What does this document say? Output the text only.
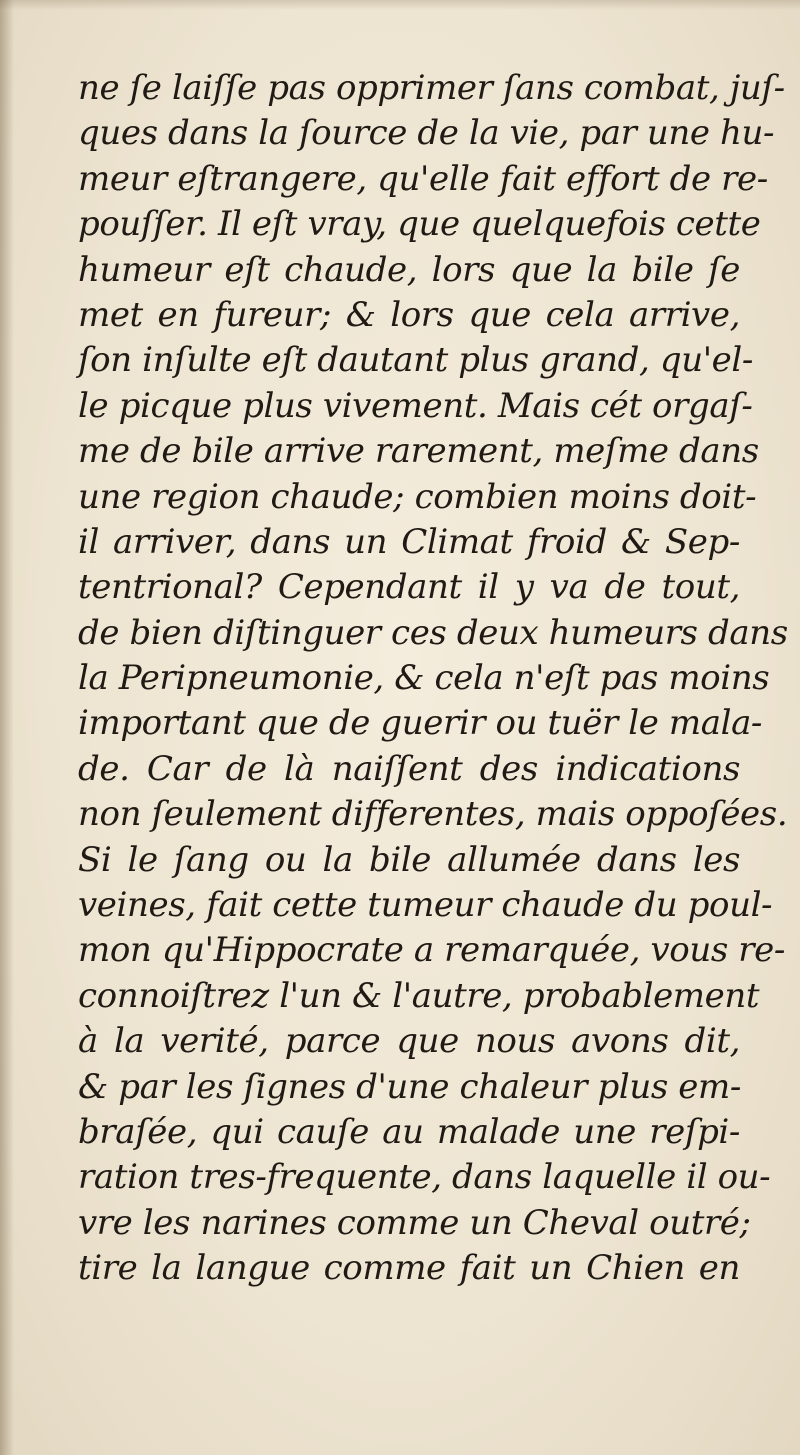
ne ſe laiſſe pas opprimer ſans combat, juſ-
ques dans la ſource de la vie, par une hu-
meur eſtrangere, qu'elle fait effort de re-
pouſſer. Il eſt vray, que quelquefois cette
humeur eſt chaude, lors que la bile ſe
met en fureur; & lors que cela arrive,
ſon inſulte eſt dautant plus grand, qu'el-
le picque plus vivement. Mais cét orgaſ-
me de bile arrive rarement, meſme dans
une region chaude; combien moins doit-
il arriver, dans un Climat froid & Sep-
tentrional? Cependant il y va de tout,
de bien diſtinguer ces deux humeurs dans
la Peripneumonie, & cela n'eſt pas moins
important que de guerir ou tuër le mala-
de. Car de là naiſſent des indications
non ſeulement differentes, mais oppoſées.
Si le ſang ou la bile allumée dans les
veines, fait cette tumeur chaude du poul-
mon qu'Hippocrate a remarquée, vous re-
connoiſtrez l'un & l'autre, probablement
à la verité, parce que nous avons dit,
& par les ſignes d'une chaleur plus em-
braſée, qui cauſe au malade une reſpi-
ration tres-frequente, dans laquelle il ou-
vre les narines comme un Cheval outré;
tire la langue comme fait un Chien en
